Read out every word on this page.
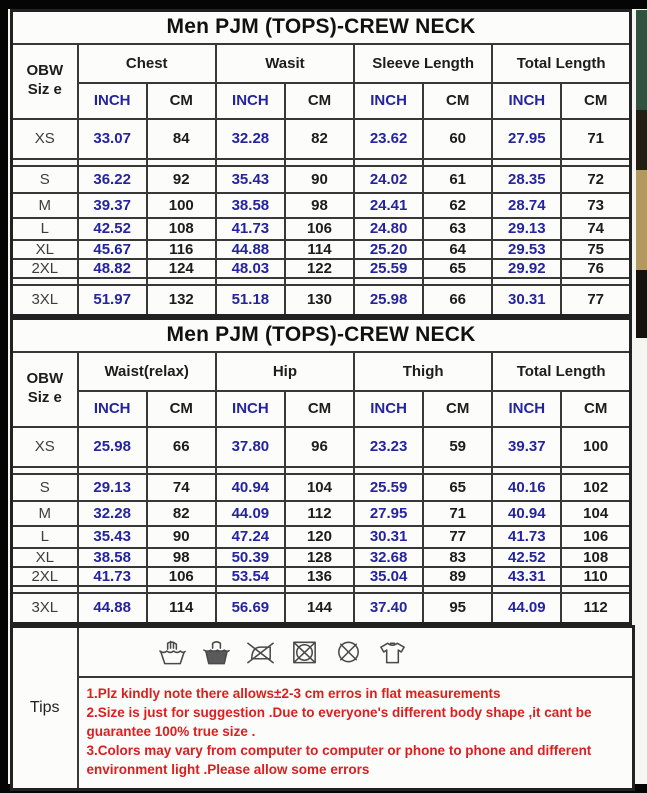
Men PJM (TOPS)-CREW NECK								
OBW
Siz e	Chest		Wasit		Sleeve Length		Total Length	
	INCH	CM	INCH	CM	INCH	CM	INCH	CM
XS	33.07	84	32.28	82	23.62	60	27.95	71

S	36.22	92	35.43	90	24.02	61	28.35	72
M	39.37	100	38.58	98	24.41	62	28.74	73
L	42.52	108	41.73	106	24.80	63	29.13	74
XL	45.67	116	44.88	114	25.20	64	29.53	75
2XL	48.82	124	48.03	122	25.59	65	29.92	76

3XL	51.97	132	51.18	130	25.98	66	30.31	77
Men PJM (TOPS)-CREW NECK								
OBW
Siz e	Waist(relax)		Hip		Thigh		Total Length	
	INCH	CM	INCH	CM	INCH	CM	INCH	CM
XS	25.98	66	37.80	96	23.23	59	39.37	100

S	29.13	74	40.94	104	25.59	65	40.16	102
M	32.28	82	44.09	112	27.95	71	40.94	104
L	35.43	90	47.24	120	30.31	77	41.73	106
XL	38.58	98	50.39	128	32.68	83	42.52	108
2XL	41.73	106	53.54	136	35.04	89	43.31	110

3XL	44.88	114	56.69	144	37.40	95	44.09	112
Tips	

1.Plz kindly note there allows±2-3 cm erros in flat measurements
2.Size is just for suggestion .Due to everyone's different body shape ,it cant be guarantee 100% true size .
3.Colors may vary from computer to computer or phone to phone and different environment light .Please allow some errors
